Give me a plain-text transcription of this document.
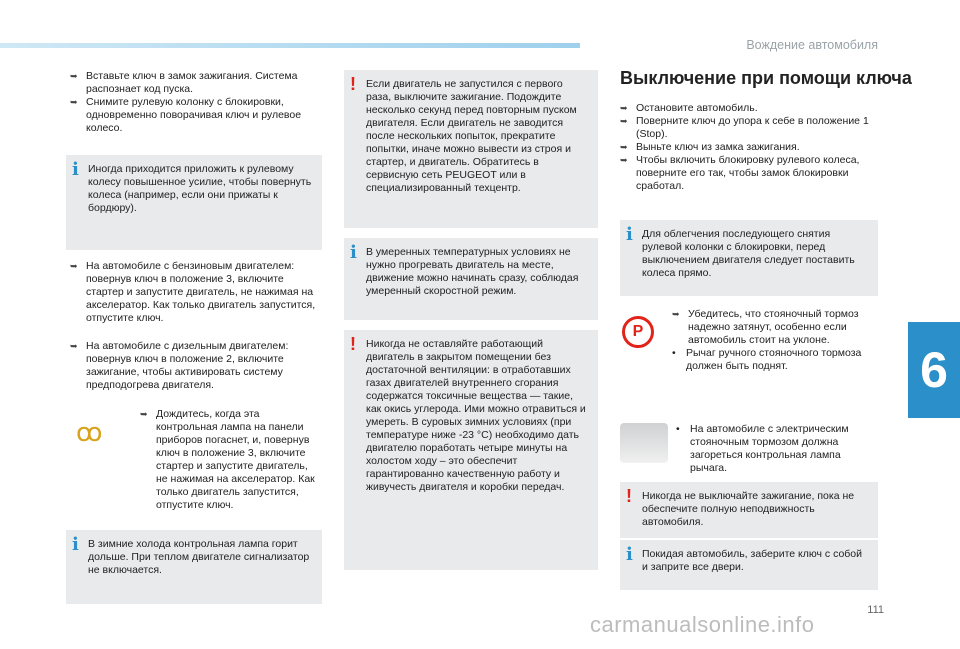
Вождение автомобиля
6

➥ Вставьте ключ в замок зажигания. Система распознает код пуска.

➥ Снимите рулевую колонку с блокировки, одновременно поворачивая ключ и рулевое колесо.

i Иногда приходится приложить к рулевому колесу повышенное усилие, чтобы повернуть колеса (например, если они прижаты к бордюру).

➥ На автомобиле с бензиновым двигателем: повернув ключ в положение 3, включите стартер и запустите двигатель, не нажимая на акселератор. Как только двигатель запустится, отпустите ключ.

➥ На автомобиле с дизельным двигателем: повернув ключ в положение 2, включите зажигание, чтобы активировать систему предподогрева двигателя.

ꝏ

➥ Дождитесь, когда эта контрольная лампа на панели приборов погаснет, и, повернув ключ в положение 3, включите стартер и запустите двигатель, не нажимая на акселератор. Как только двигатель запустится, отпустите ключ.

i В зимние холода контрольная лампа горит дольше. При теплом двигателе сигнализатор не включается.
! Если двигатель не запустился с первого раза, выключите зажигание. Подождите несколько секунд перед повторным пуском двигателя. Если двигатель не заводится после нескольких попыток, прекратите попытки, иначе можно вывести из строя и стартер, и двигатель. Обратитесь в сервисную сеть PEUGEOT или в специализированный техцентр.
i В умеренных температурных условиях не нужно прогревать двигатель на месте, движение можно начинать сразу, соблюдая умеренный скоростной режим.
! Никогда не оставляйте работающий двигатель в закрытом помещении без достаточной вентиляции: в отработавших газах двигателей внутреннего сгорания содержатся токсичные вещества — такие, как окись углерода. Ими можно отравиться и умереть. В суровых зимних условиях (при температуре ниже -23 °C) необходимо дать двигателю поработать четыре минуты на холостом ходу – это обеспечит гарантированно качественную работу и живучесть двигателя и коробки передач.
Выключение при помощи ключа

➥ Остановите автомобиль.

➥ Поверните ключ до упора к себе в положение 1 (Stop).

➥ Выньте ключ из замка зажигания.

➥ Чтобы включить блокировку рулевого колеса, поверните его так, чтобы замок блокировки сработал.

i Для облегчения последующего снятия рулевой колонки с блокировки, перед выключением двигателя следует поставить колеса прямо.
P

➥ Убедитесь, что стояночный тормоз надежно затянут, особенно если автомобиль стоит на уклоне.

• Рычаг ручного стояночного тормоза должен быть поднят.

• На автомобиле с электрическим стояночным тормозом должна загореться контрольная лампа рычага.

! Никогда не выключайте зажигание, пока не обеспечите полную неподвижность автомобиля.
i Покидая автомобиль, заберите ключ с собой и заприте все двери.
111
carmanualsonline.info
